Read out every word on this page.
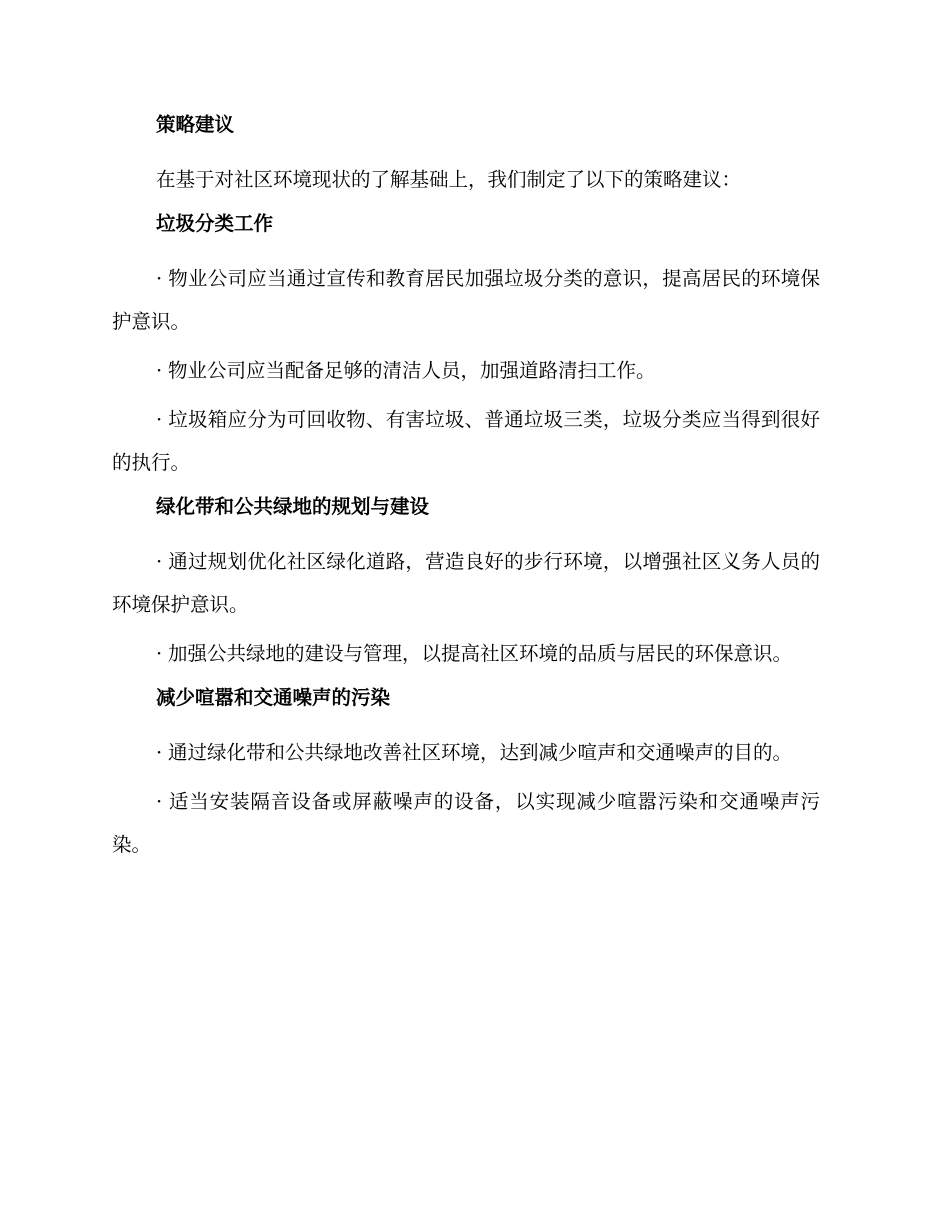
策略建议

在基于对社区环境现状的了解基础上，我们制定了以下的策略建议：

垃圾分类工作

· 物业公司应当通过宣传和教育居民加强垃圾分类的意识，提高居民的环境保护意识。

· 物业公司应当配备足够的清洁人员，加强道路清扫工作。

· 垃圾箱应分为可回收物、有害垃圾、普通垃圾三类，垃圾分类应当得到很好的执行。

绿化带和公共绿地的规划与建设

· 通过规划优化社区绿化道路，营造良好的步行环境，以增强社区义务人员的环境保护意识。

· 加强公共绿地的建设与管理，以提高社区环境的品质与居民的环保意识。

减少喧嚣和交通噪声的污染

· 通过绿化带和公共绿地改善社区环境，达到减少喧声和交通噪声的目的。

· 适当安装隔音设备或屏蔽噪声的设备，以实现减少喧嚣污染和交通噪声污染。
